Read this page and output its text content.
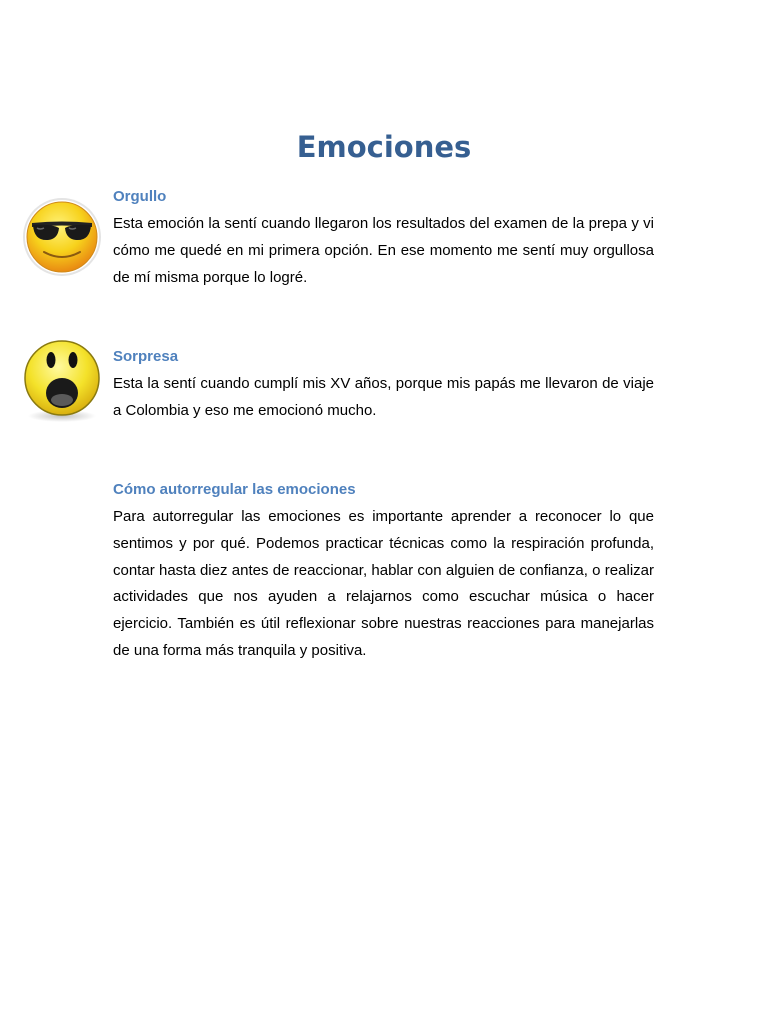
Emociones

Orgullo

Esta emoción la sentí cuando llegaron los resultados del examen de la prepa y vi cómo me quedé en mi primera opción. En ese momento me sentí muy orgullosa de mí misma porque lo logré.

Sorpresa

Esta la sentí cuando cumplí mis XV años, porque mis papás me llevaron de viaje a Colombia y eso me emocionó mucho.

Cómo autorregular las emociones

Para autorregular las emociones es importante aprender a reconocer lo que sentimos y por qué. Podemos practicar técnicas como la respiración profunda, contar hasta diez antes de reaccionar, hablar con alguien de confianza, o realizar actividades que nos ayuden a relajarnos como escuchar música o hacer ejercicio. También es útil reflexionar sobre nuestras reacciones para manejarlas de una forma más tranquila y positiva.
